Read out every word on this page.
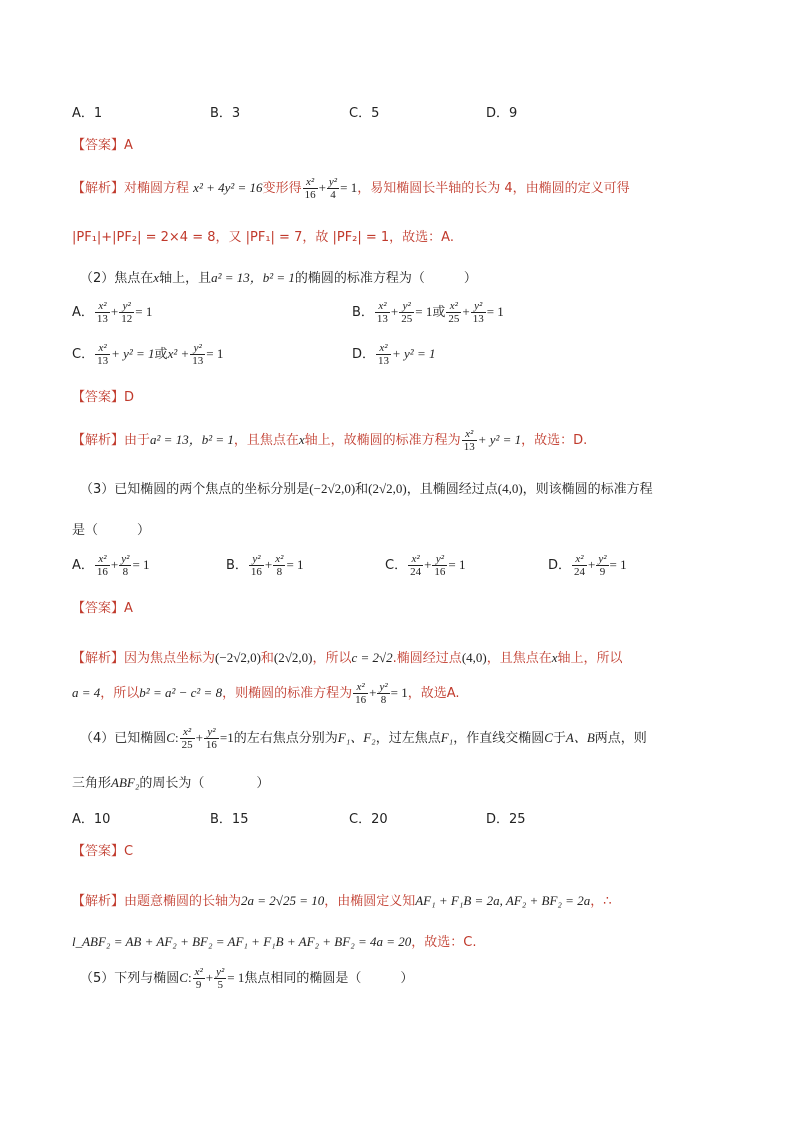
A．1	B．3	C．5	D．9
【答案】A
【解析】对椭圆方程 x² + 4y² = 16变形得 $\frac{\text{x²}}{16} + \frac{\text{y²}}{4} = 1$，易知椭圆长半轴的长为 4，由椭圆的定义可得
|PF₁|+|PF₂| = 2×4 = 8，又 |PF₁| = 7，故 |PF₂| = 1，故选：A.
（2）焦点在x轴上，且a² = 13，b² = 1的椭圆的标准方程为（　　　）
A． $\frac{\text{x²}}{13} + \frac{\text{y²}}{12} = 1$	B． $\frac{\text{x²}}{13} + \frac{\text{y²}}{25} = 1$或 $\frac{\text{x²}}{25} + \frac{\text{y²}}{13} = 1$
C． $\frac{\text{x²}}{13} + y^2 = 1$或$x^2 + \frac{\text{y²}}{13} = 1$	D． $\frac{\text{x²}}{13} + y^2 = 1$
【答案】D
【解析】由于a² = 13，b² = 1，且焦点在x轴上，故椭圆的标准方程为 $\frac{\text{x²}}{13} + y^2 = 1$，故选：D.
（3）已知椭圆的两个焦点的坐标分别是(−2√2,0)和(2√2,0)，且椭圆经过点(4,0)，则该椭圆的标准方程
是（　　　）
A． $\frac{\text{x²}}{16} + \frac{\text{y²}}{8} = 1$	B． $\frac{\text{y²}}{16} + \frac{\text{x²}}{8} = 1$	C． $\frac{\text{x²}}{24} + \frac{\text{y²}}{16} = 1$	D． $\frac{\text{x²}}{24} + \frac{\text{y²}}{9} = 1$
【答案】A
【解析】因为焦点坐标为(−2√2,0)和(2√2,0)，所以c = 2√2.椭圆经过点(4,0)，且焦点在x轴上，所以
a = 4，所以b² = a² − c² = 8，则椭圆的标准方程为 $\frac{\text{x²}}{16} + \frac{\text{y²}}{8} = 1$，故选A.
（4）已知椭圆C: $\frac{\text{x²}}{25} + \frac{\text{y²}}{16} =1$的左右焦点分别为F₁、F₂，过左焦点F₁，作直线交椭圆C于A、B两点，则
三角形ABF₂的周长为（　　　　）
A．10	B．15	C．20	D．25
【答案】C
【解析】由题意椭圆的长轴为2a = 2√25 = 10，由椭圆定义知AF₁ + F₁B = 2a, AF₂ + BF₂ = 2a，∴
l_ABF₂ = AB + AF₂ + BF₂ = AF₁ + F₁B + AF₂ + BF₂ = 4a = 20，故选：C.
（5）下列与椭圆C: $\frac{\text{x²}}{9} + \frac{\text{y²}}{5} = 1$焦点相同的椭圆是（　　　）
